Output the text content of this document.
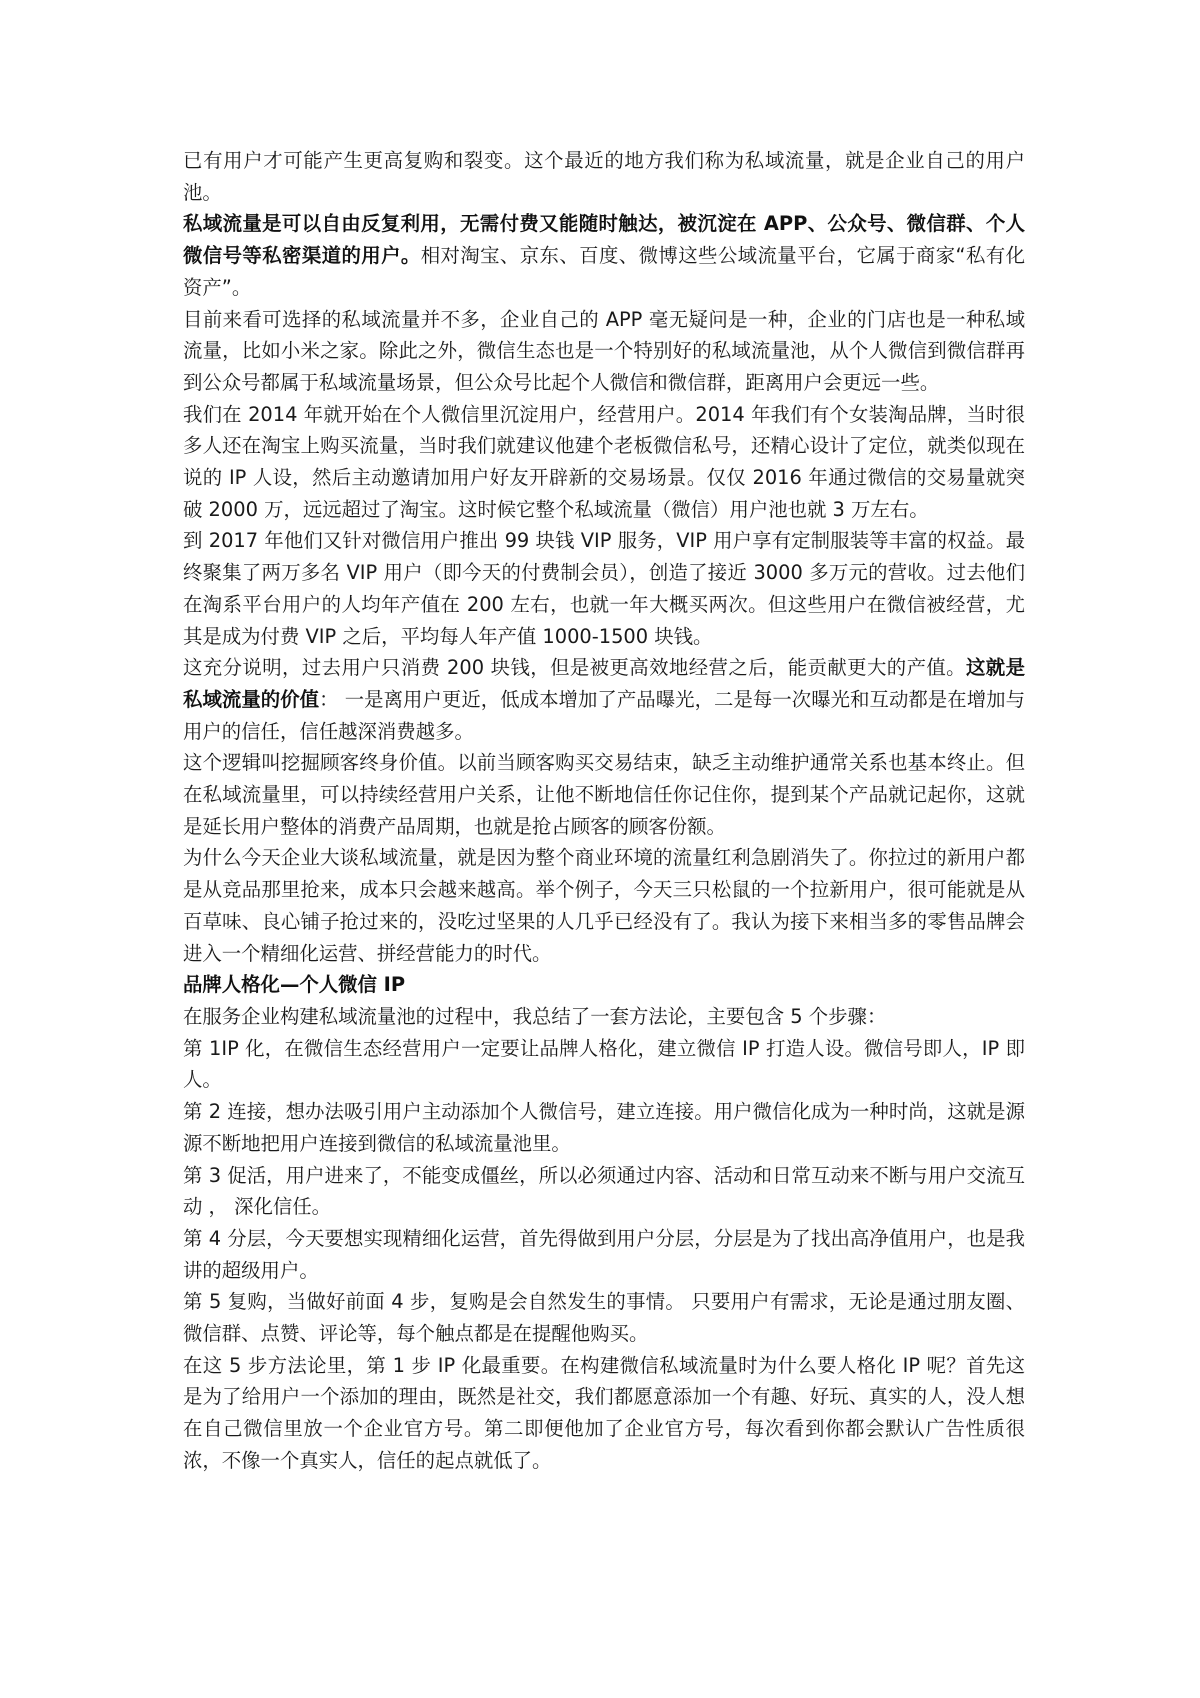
已有用户才可能产生更高复购和裂变。这个最近的地方我们称为私域流量，就是企业自己的用户池。

私域流量是可以自由反复利用，无需付费又能随时触达，被沉淀在 APP、公众号、微信群、个人微信号等私密渠道的用户。相对淘宝、京东、百度、微博这些公域流量平台，它属于商家“私有化资产”。

目前来看可选择的私域流量并不多，企业自己的 APP 毫无疑问是一种，企业的门店也是一种私域流量，比如小米之家。除此之外，微信生态也是一个特别好的私域流量池，从个人微信到微信群再到公众号都属于私域流量场景，但公众号比起个人微信和微信群，距离用户会更远一些。

我们在 2014 年就开始在个人微信里沉淀用户，经营用户。2014 年我们有个女装淘品牌，当时很多人还在淘宝上购买流量，当时我们就建议他建个老板微信私号，还精心设计了定位，就类似现在说的 IP 人设，然后主动邀请加用户好友开辟新的交易场景。仅仅 2016 年通过微信的交易量就突破 2000 万，远远超过了淘宝。这时候它整个私域流量（微信）用户池也就 3 万左右。

到 2017 年他们又针对微信用户推出 99 块钱 VIP 服务，VIP 用户享有定制服装等丰富的权益。最终聚集了两万多名 VIP 用户（即今天的付费制会员），创造了接近 3000 多万元的营收。过去他们在淘系平台用户的人均年产值在 200 左右，也就一年大概买两次。但这些用户在微信被经营，尤其是成为付费 VIP 之后，平均每人年产值 1000-1500 块钱。

这充分说明，过去用户只消费 200 块钱，但是被更高效地经营之后，能贡献更大的产值。这就是私域流量的价值： 一是离用户更近，低成本增加了产品曝光，二是每一次曝光和互动都是在增加与用户的信任，信任越深消费越多。

这个逻辑叫挖掘顾客终身价值。以前当顾客购买交易结束，缺乏主动维护通常关系也基本终止。但在私域流量里，可以持续经营用户关系，让他不断地信任你记住你，提到某个产品就记起你，这就是延长用户整体的消费产品周期，也就是抢占顾客的顾客份额。

为什么今天企业大谈私域流量，就是因为整个商业环境的流量红利急剧消失了。你拉过的新用户都是从竞品那里抢来，成本只会越来越高。举个例子，今天三只松鼠的一个拉新用户，很可能就是从百草味、良心铺子抢过来的，没吃过坚果的人几乎已经没有了。我认为接下来相当多的零售品牌会进入一个精细化运营、拼经营能力的时代。

品牌人格化—个人微信 IP

在服务企业构建私域流量池的过程中，我总结了一套方法论，主要包含 5 个步骤：

第 1IP 化，在微信生态经营用户一定要让品牌人格化，建立微信 IP 打造人设。微信号即人，IP 即人。

第 2 连接，想办法吸引用户主动添加个人微信号，建立连接。用户微信化成为一种时尚，这就是源源不断地把用户连接到微信的私域流量池里。

第 3 促活，用户进来了，不能变成僵丝，所以必须通过内容、活动和日常互动来不断与用户交流互动 ， 深化信任。

第 4 分层，今天要想实现精细化运营，首先得做到用户分层，分层是为了找出高净值用户，也是我讲的超级用户。

第 5 复购，当做好前面 4 步，复购是会自然发生的事情。 只要用户有需求，无论是通过朋友圈、微信群、点赞、评论等，每个触点都是在提醒他购买。

在这 5 步方法论里，第 1 步 IP 化最重要。在构建微信私域流量时为什么要人格化 IP 呢？首先这是为了给用户一个添加的理由，既然是社交，我们都愿意添加一个有趣、好玩、真实的人，没人想在自己微信里放一个企业官方号。第二即便他加了企业官方号，每次看到你都会默认广告性质很浓，不像一个真实人，信任的起点就低了。
